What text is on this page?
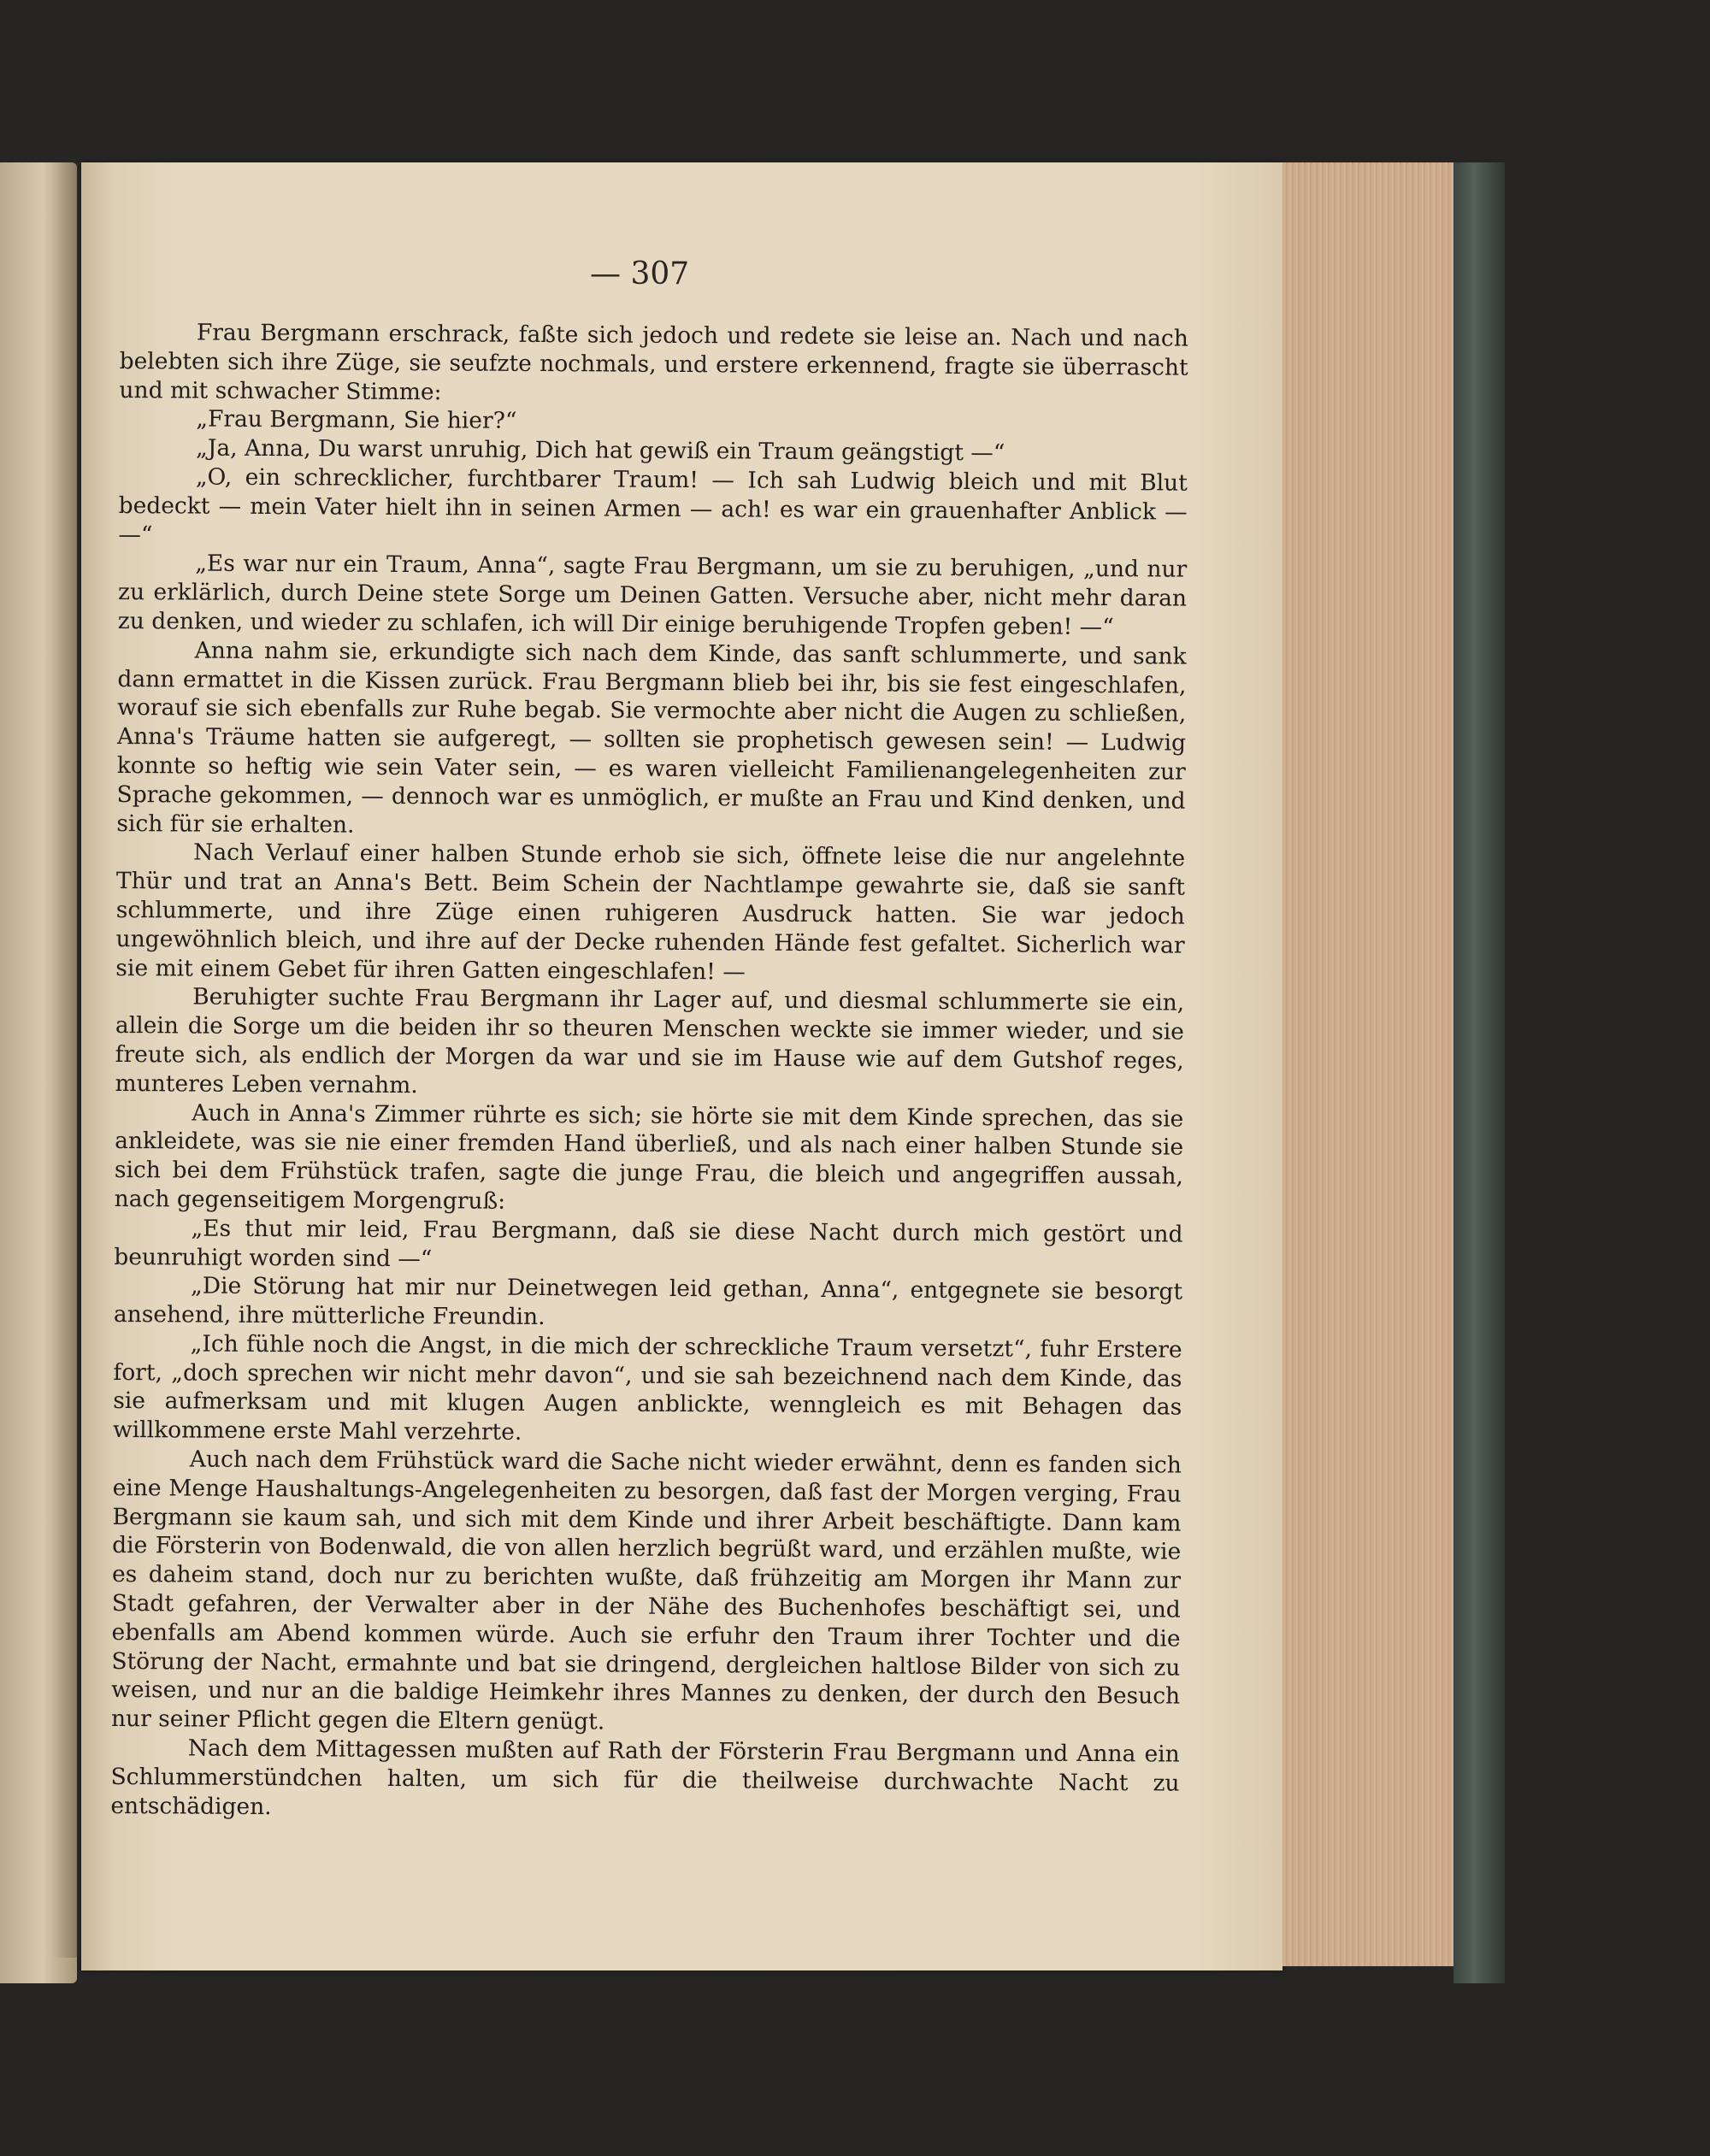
— 307

Frau Bergmann erschrack, faßte sich jedoch und redete sie leise an. Nach und nach belebten sich ihre Züge, sie seufzte nochmals, und erstere erkennend, fragte sie überrascht und mit schwacher Stimme:

„Frau Bergmann, Sie hier?“

„Ja, Anna, Du warst unruhig, Dich hat gewiß ein Traum geängstigt —“

„O, ein schrecklicher, furchtbarer Traum! — Ich sah Ludwig bleich und mit Blut bedeckt — mein Vater hielt ihn in seinen Armen — ach! es war ein grauenhafter Anblick — —“

„Es war nur ein Traum, Anna“, sagte Frau Bergmann, um sie zu beruhigen, „und nur zu erklärlich, durch Deine stete Sorge um Deinen Gatten. Versuche aber, nicht mehr daran zu denken, und wieder zu schlafen, ich will Dir einige beruhigende Tropfen geben! —“

Anna nahm sie, erkundigte sich nach dem Kinde, das sanft schlummerte, und sank dann ermattet in die Kissen zurück. Frau Bergmann blieb bei ihr, bis sie fest eingeschlafen, worauf sie sich ebenfalls zur Ruhe begab. Sie vermochte aber nicht die Augen zu schließen, Anna's Träume hatten sie aufgeregt, — sollten sie prophetisch gewesen sein! — Ludwig konnte so heftig wie sein Vater sein, — es waren vielleicht Familienangelegenheiten zur Sprache gekommen, — dennoch war es unmöglich, er mußte an Frau und Kind denken, und sich für sie erhalten.

Nach Verlauf einer halben Stunde erhob sie sich, öffnete leise die nur angelehnte Thür und trat an Anna's Bett. Beim Schein der Nachtlampe gewahrte sie, daß sie sanft schlummerte, und ihre Züge einen ruhigeren Ausdruck hatten. Sie war jedoch ungewöhnlich bleich, und ihre auf der Decke ruhenden Hände fest gefaltet. Sicherlich war sie mit einem Gebet für ihren Gatten eingeschlafen! —

Beruhigter suchte Frau Bergmann ihr Lager auf, und diesmal schlummerte sie ein, allein die Sorge um die beiden ihr so theuren Menschen weckte sie immer wieder, und sie freute sich, als endlich der Morgen da war und sie im Hause wie auf dem Gutshof reges, munteres Leben vernahm.

Auch in Anna's Zimmer rührte es sich; sie hörte sie mit dem Kinde sprechen, das sie ankleidete, was sie nie einer fremden Hand überließ, und als nach einer halben Stunde sie sich bei dem Frühstück trafen, sagte die junge Frau, die bleich und angegriffen aussah, nach gegenseitigem Morgengruß:

„Es thut mir leid, Frau Bergmann, daß sie diese Nacht durch mich gestört und beunruhigt worden sind —“

„Die Störung hat mir nur Deinetwegen leid gethan, Anna“, entgegnete sie besorgt ansehend, ihre mütterliche Freundin.

„Ich fühle noch die Angst, in die mich der schreckliche Traum versetzt“, fuhr Erstere fort, „doch sprechen wir nicht mehr davon“, und sie sah bezeichnend nach dem Kinde, das sie aufmerksam und mit klugen Augen anblickte, wenngleich es mit Behagen das willkommene erste Mahl verzehrte.

Auch nach dem Frühstück ward die Sache nicht wieder erwähnt, denn es fanden sich eine Menge Haushaltungs-Angelegenheiten zu besorgen, daß fast der Morgen verging, Frau Bergmann sie kaum sah, und sich mit dem Kinde und ihrer Arbeit beschäftigte. Dann kam die Försterin von Bodenwald, die von allen herzlich begrüßt ward, und erzählen mußte, wie es daheim stand, doch nur zu berichten wußte, daß frühzeitig am Morgen ihr Mann zur Stadt gefahren, der Verwalter aber in der Nähe des Buchenhofes beschäftigt sei, und ebenfalls am Abend kommen würde. Auch sie erfuhr den Traum ihrer Tochter und die Störung der Nacht, ermahnte und bat sie dringend, dergleichen haltlose Bilder von sich zu weisen, und nur an die baldige Heimkehr ihres Mannes zu denken, der durch den Besuch nur seiner Pflicht gegen die Eltern genügt.

Nach dem Mittagessen mußten auf Rath der Försterin Frau Bergmann und Anna ein Schlummerstündchen halten, um sich für die theilweise durchwachte Nacht zu entschädigen.
